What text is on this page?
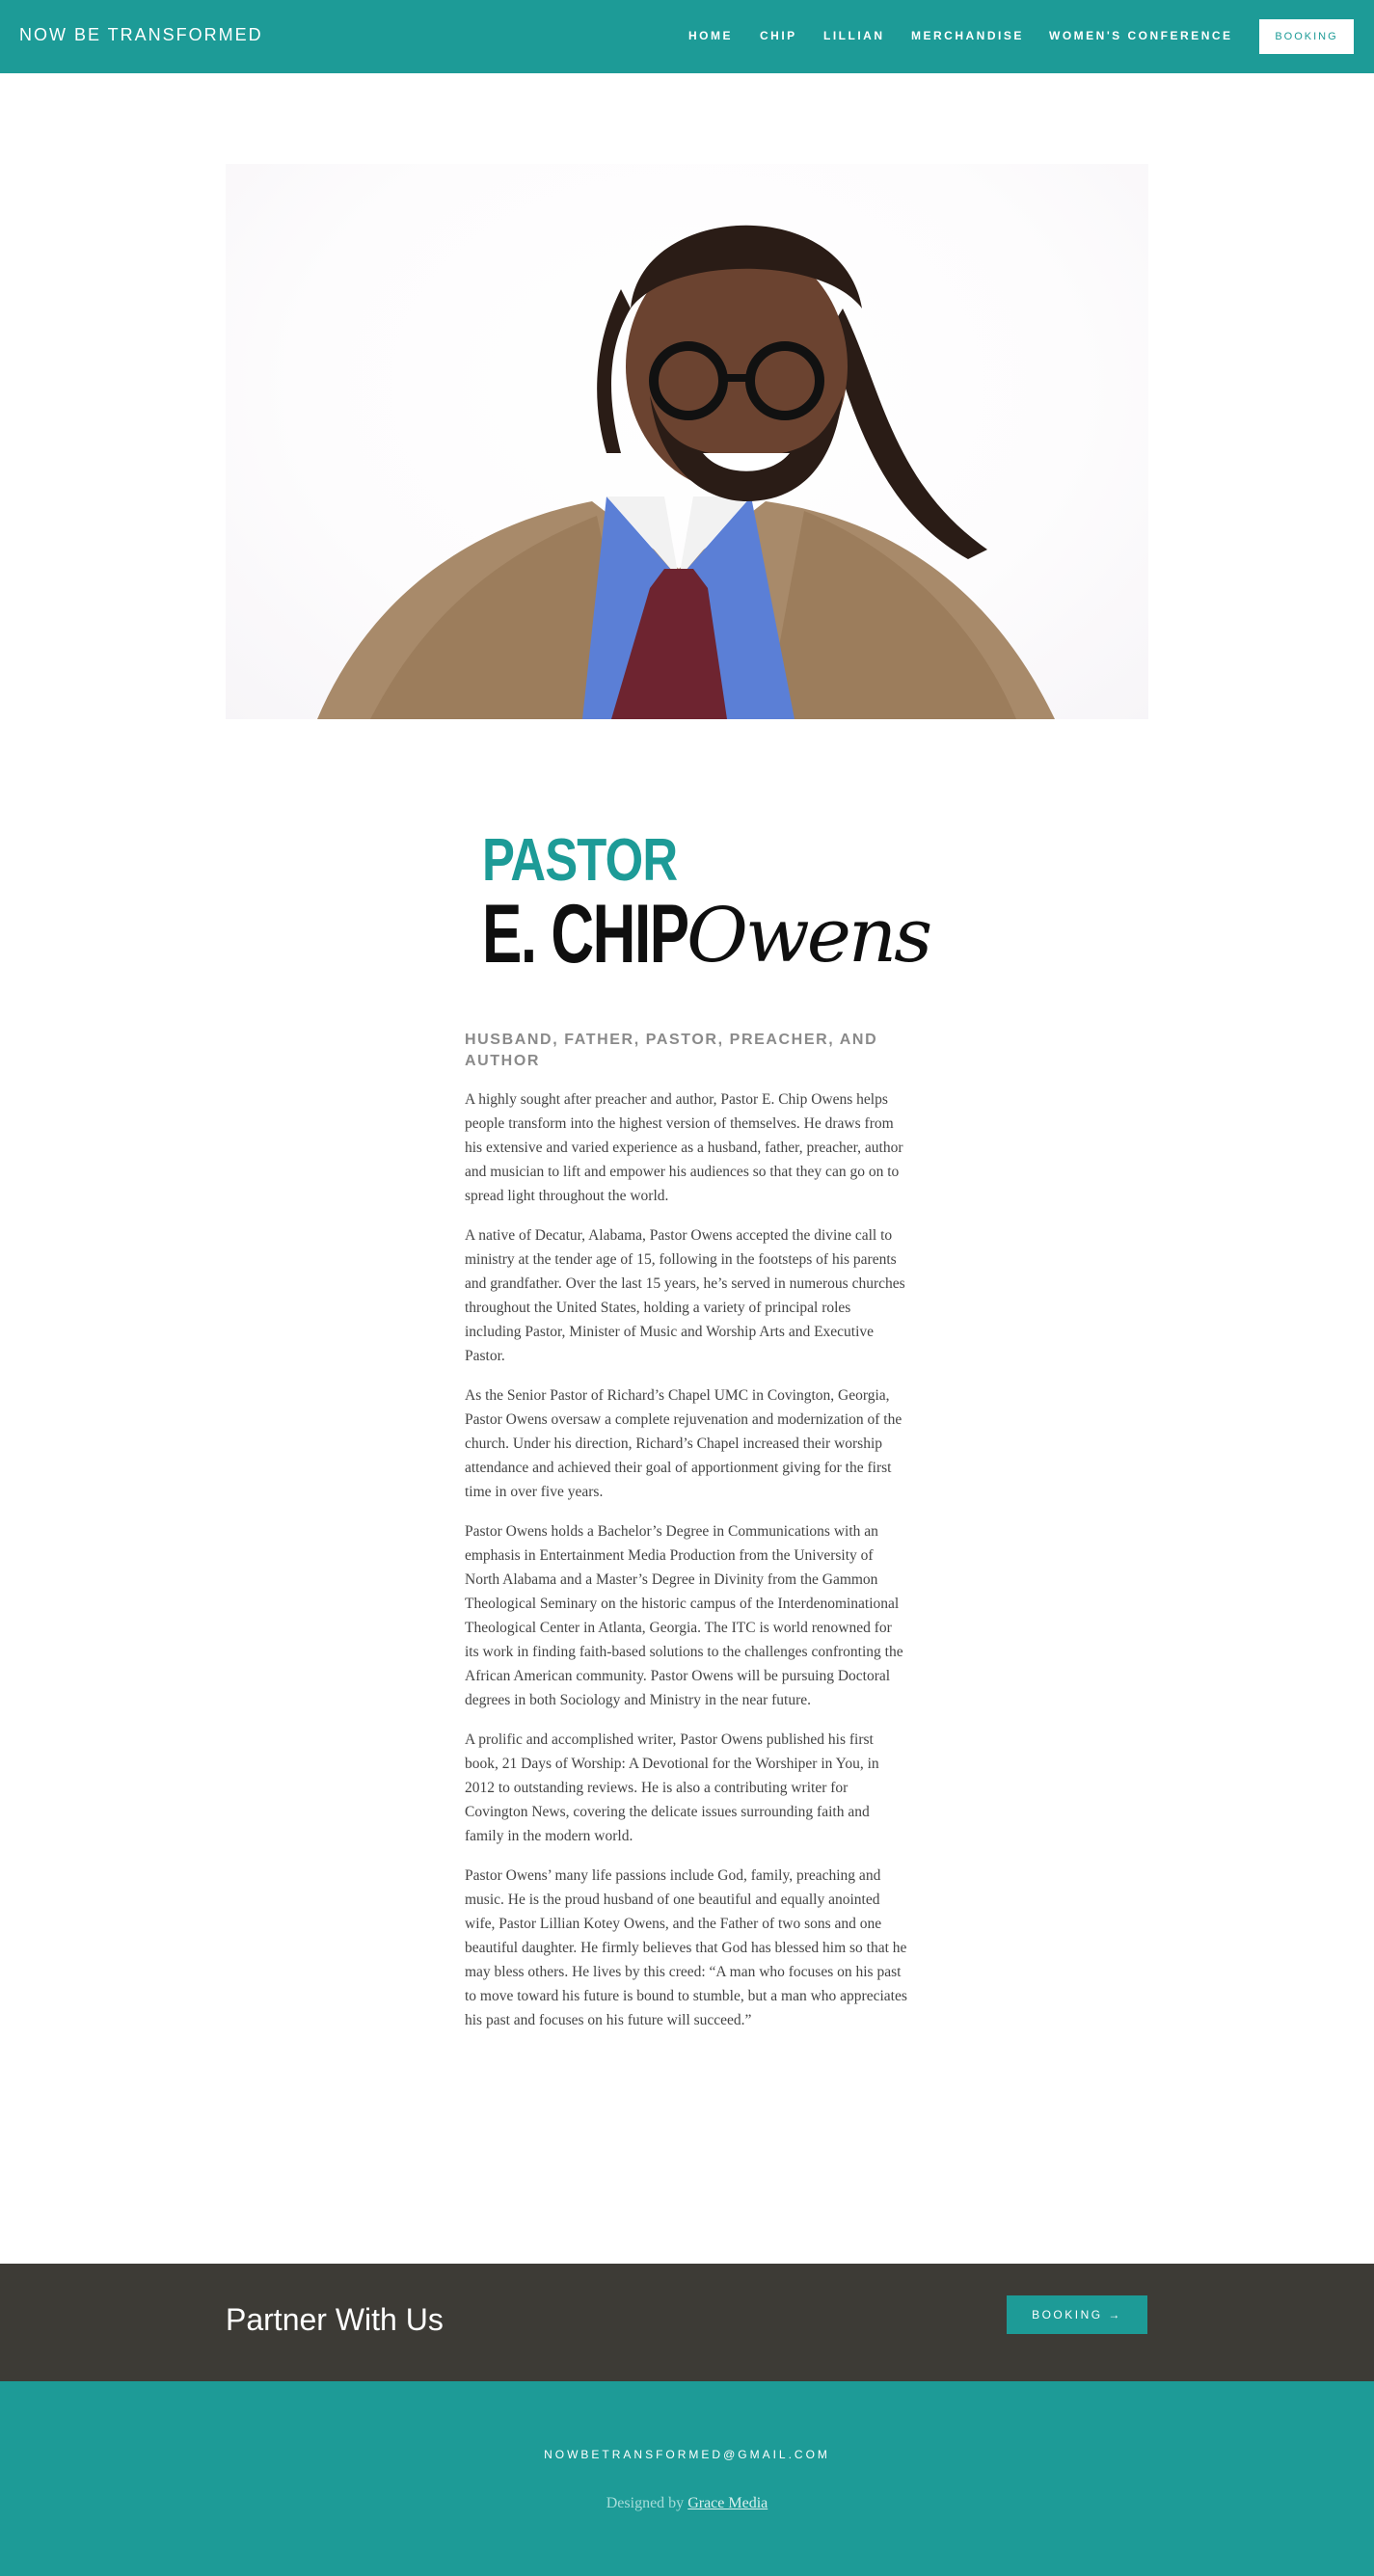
NOW BE TRANSFORMED	HOME CHIP LILLIAN MERCHANDISE WOMEN'S CONFERENCE	BOOKING
PASTOR
E. CHIP
Owens
HUSBAND, FATHER, PASTOR, PREACHER, AND AUTHOR

A highly sought after preacher and author, Pastor E. Chip Owens helps people transform into the highest version of themselves. He draws from his extensive and varied experience as a husband, father, preacher, author and musician to lift and empower his audiences so that they can go on to spread light throughout the world.

A native of Decatur, Alabama, Pastor Owens accepted the divine call to ministry at the tender age of 15, following in the footsteps of his parents and grandfather. Over the last 15 years, he’s served in numerous churches throughout the United States, holding a variety of principal roles including Pastor, Minister of Music and Worship Arts and Executive Pastor.

As the Senior Pastor of Richard’s Chapel UMC in Covington, Georgia, Pastor Owens oversaw a complete rejuvenation and modernization of the church. Under his direction, Richard’s Chapel increased their worship attendance and achieved their goal of apportionment giving for the first time in over five years.

Pastor Owens holds a Bachelor’s Degree in Communications with an emphasis in Entertainment Media Production from the University of North Alabama and a Master’s Degree in Divinity from the Gammon Theological Seminary on the historic campus of the Interdenominational Theological Center in Atlanta, Georgia. The ITC is world renowned for its work in finding faith-based solutions to the challenges confronting the African American community. Pastor Owens will be pursuing Doctoral degrees in both Sociology and Ministry in the near future.

A prolific and accomplished writer, Pastor Owens published his first book, 21 Days of Worship: A Devotional for the Worshiper in You, in 2012 to outstanding reviews. He is also a contributing writer for Covington News, covering the delicate issues surrounding faith and family in the modern world.

Pastor Owens’ many life passions include God, family, preaching and music. He is the proud husband of one beautiful and equally anointed wife, Pastor Lillian Kotey Owens, and the Father of two sons and one beautiful daughter. He firmly believes that God has blessed him so that he may bless others. He lives by this creed: “A man who focuses on his past to move toward his future is bound to stumble, but a man who appreciates his past and focuses on his future will succeed.”

Partner With Us	BOOKING →
NOWBETRANSFORMED@GMAIL.COM
Designed by Grace Media
